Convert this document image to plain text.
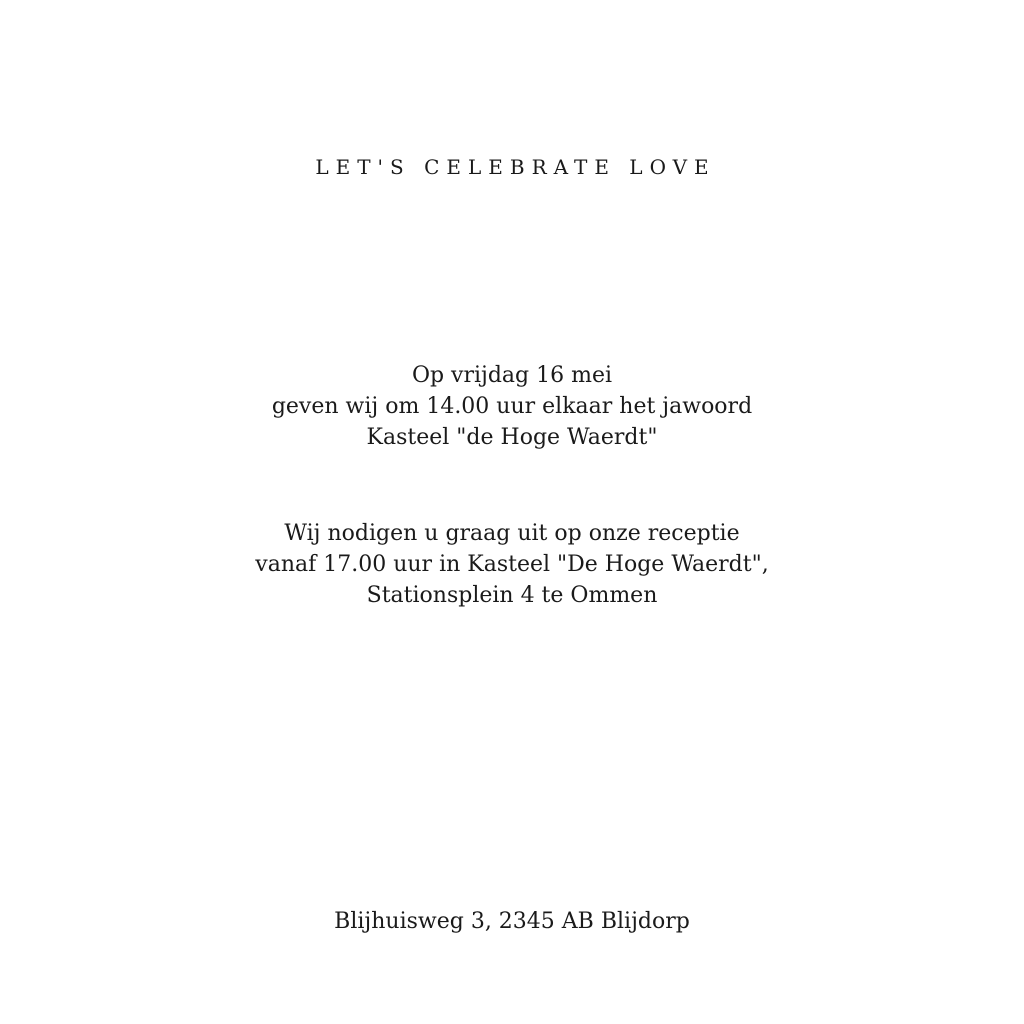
LET'S CELEBRATE LOVE
Op vrijdag 16 mei
geven wij om 14.00 uur elkaar het jawoord
Kasteel "de Hoge Waerdt"
Wij nodigen u graag uit op onze receptie
vanaf 17.00 uur in Kasteel "De Hoge Waerdt",
Stationsplein 4 te Ommen
Blijhuisweg 3, 2345 AB Blijdorp
